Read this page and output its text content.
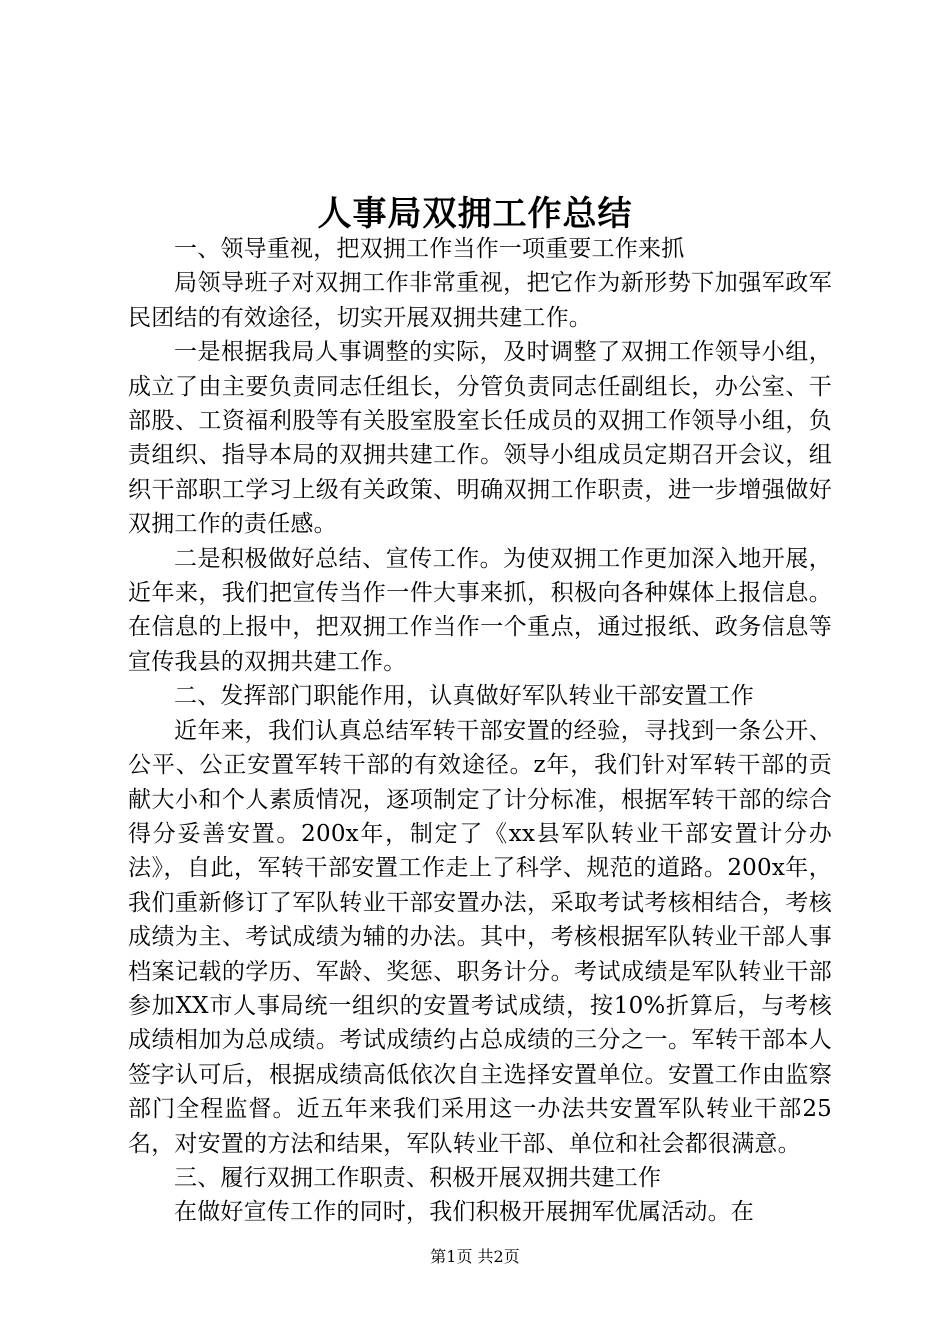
人事局双拥工作总结

一、领导重视，把双拥工作当作一项重要工作来抓

局领导班子对双拥工作非常重视，把它作为新形势下加强军政军民团结的有效途径，切实开展双拥共建工作。

一是根据我局人事调整的实际，及时调整了双拥工作领导小组，成立了由主要负责同志任组长，分管负责同志任副组长，办公室、干部股、工资福利股等有关股室股室长任成员的双拥工作领导小组，负责组织、指导本局的双拥共建工作。领导小组成员定期召开会议，组织干部职工学习上级有关政策、明确双拥工作职责，进一步增强做好双拥工作的责任感。

二是积极做好总结、宣传工作。为使双拥工作更加深入地开展，近年来，我们把宣传当作一件大事来抓，积极向各种媒体上报信息。在信息的上报中，把双拥工作当作一个重点，通过报纸、政务信息等宣传我县的双拥共建工作。

二、发挥部门职能作用，认真做好军队转业干部安置工作

近年来，我们认真总结军转干部安置的经验，寻找到一条公开、公平、公正安置军转干部的有效途径。z年，我们针对军转干部的贡献大小和个人素质情况，逐项制定了计分标准，根据军转干部的综合得分妥善安置。200x年，制定了《xx县军队转业干部安置计分办法》，自此，军转干部安置工作走上了科学、规范的道路。200x年，我们重新修订了军队转业干部安置办法，采取考试考核相结合，考核成绩为主、考试成绩为辅的办法。其中，考核根据军队转业干部人事档案记载的学历、军龄、奖惩、职务计分。考试成绩是军队转业干部参加XX市人事局统一组织的安置考试成绩，按10%折算后，与考核成绩相加为总成绩。考试成绩约占总成绩的三分之一。军转干部本人签字认可后，根据成绩高低依次自主选择安置单位。安置工作由监察部门全程监督。近五年来我们采用这一办法共安置军队转业干部25名，对安置的方法和结果，军队转业干部、单位和社会都很满意。

三、履行双拥工作职责、积极开展双拥共建工作

在做好宣传工作的同时，我们积极开展拥军优属活动。在

第1页 共2页
